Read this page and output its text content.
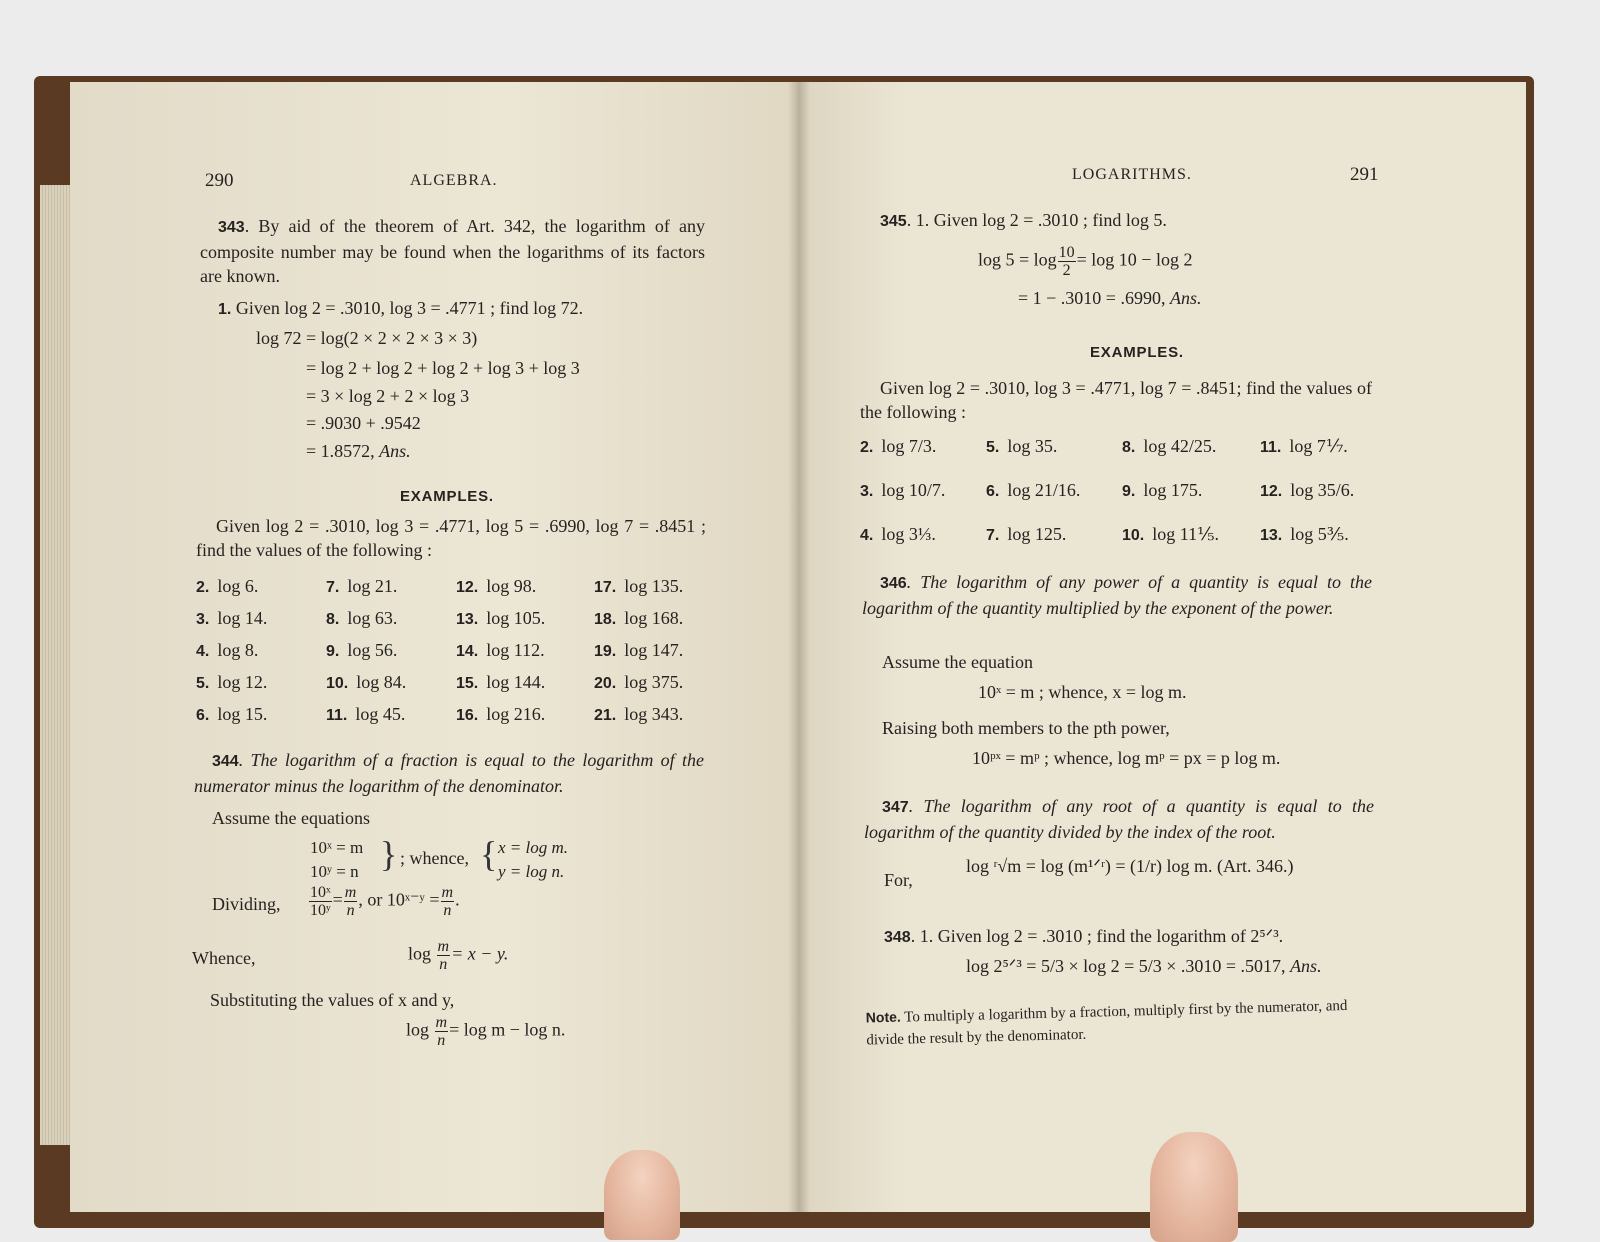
290	ALGEBRA.
343. By aid of the theorem of Art. 342, the logarithm of any composite number may be found when the logarithms of its factors are known.
1. Given log 2 = .3010, log 3 = .4771 ; find log 72.
log 72 = log(2 × 2 × 2 × 3 × 3)
= log 2 + log 2 + log 2 + log 3 + log 3
= 3 × log 2 + 2 × log 3
= .9030 + .9542
= 1.8572, Ans.
EXAMPLES.
Given log 2 = .3010, log 3 = .4771, log 5 = .6990, log 7 = .8451 ; find the values of the following :
2. log 6.	7. log 21.	12. log 98.	17. log 135.
3. log 14.	8. log 63.	13. log 105.	18. log 168.
4. log 8.	9. log 56.	14. log 112.	19. log 147.
5. log 12.	10. log 84.	15. log 144.	20. log 375.
6. log 15.	11. log 45.	16. log 216.	21. log 343.
344. The logarithm of a fraction is equal to the logarithm of the numerator minus the logarithm of the denominator.
Assume the equations
10ˣ = m
10ʸ = n } ; whence, { x = log m.
y = log n.
Dividing, $\frac{\text{10ˣ}}{\text{10ʸ}} = \frac{m}{n}$ , or 10ˣ⁻ʸ = $\frac{m}{n}$ .
Whence,	$\log \frac{m}{n} = x - y$.
Substituting the values of x and y,
$\log \frac{m}{n} = \log m - \log n$.
LOGARITHMS.	291
345. 1. Given log 2 = .3010 ; find log 5.
$\log 5 = \log \frac{10}{2} = \log 10 - \log 2$
= 1 − .3010 = .6990, Ans.
EXAMPLES.
Given log 2 = .3010, log 3 = .4771, log 7 = .8451; find the values of the following :
2. log 7/3.	5. log 35.	8. log 42/25.	11. log 7⅐.
3. log 10/7.	6. log 21/16.	9. log 175.	12. log 35/6.
4. log 3⅓.	7. log 125.	10. log 11⅕.	13. log 5⅗.
346. The logarithm of any power of a quantity is equal to the logarithm of the quantity multiplied by the exponent of the power.
Assume the equation
10ˣ = m ; whence, x = log m.
Raising both members to the pth power,
10ᵖˣ = mᵖ ; whence, log mᵖ = px = p log m.
347. The logarithm of any root of a quantity is equal to the logarithm of the quantity divided by the index of the root.
For,
log ʳ√m = log (m¹ᐟʳ) = (1/r) log m. (Art. 346.)
348. 1. Given log 2 = .3010 ; find the logarithm of 2⁵ᐟ³.
log 2⁵ᐟ³ = 5/3 × log 2 = 5/3 × .3010 = .5017, Ans.
Note. To multiply a logarithm by a fraction, multiply first by the numerator, and divide the result by the denominator.
